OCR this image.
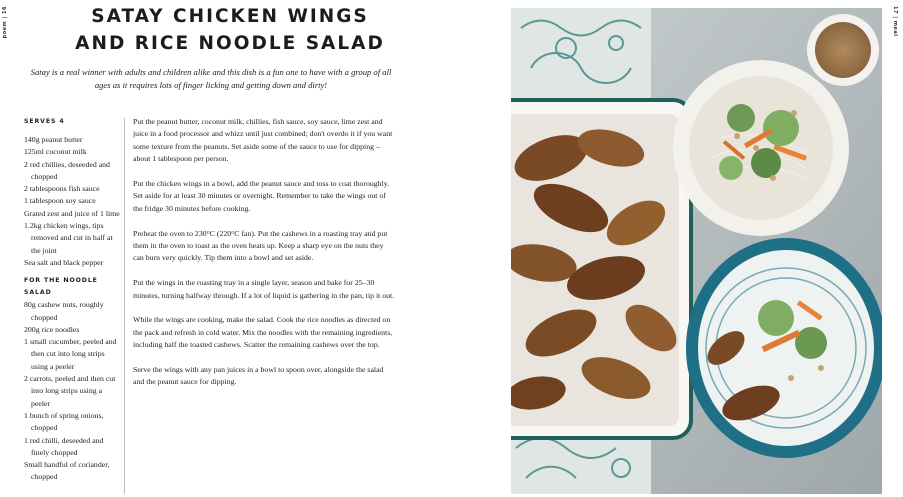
poem | 16	17 | meal
SATAY CHICKEN WINGS
AND RICE NOODLE SALAD
Satay is a real winner with adults and children alike and this dish is a fun one to have with a group of all ages as it requires lots of finger licking and getting down and dirty!
SERVES 4
140g peanut butter
125ml coconut milk
2 red chillies, deseeded and chopped
2 tablespoons fish sauce
1 tablespoon soy sauce
Grated zest and juice of 1 lime
1.2kg chicken wings, tips removed and cut in half at the joint
Sea salt and black pepper
FOR THE NOODLE SALAD
80g cashew nuts, roughly chopped
200g rice noodles
1 small cucumber, peeled and then cut into long strips using a peeler
2 carrots, peeled and then cut into long strips using a peeler
1 bunch of spring onions, chopped
1 red chilli, deseeded and finely chopped
Small handful of coriander, chopped

Put the peanut butter, coconut milk, chillies, fish sauce, soy sauce, lime zest and juice in a food processor and whizz until just combined; don't overdo it if you want some texture from the peanuts. Set aside some of the sauce to use for dipping – about 1 tablespoon per person.

Put the chicken wings in a bowl, add the peanut sauce and toss to coat thoroughly. Set aside for at least 30 minutes or overnight. Remember to take the wings out of the fridge 30 minutes before cooking.

Preheat the oven to 230°C (220°C fan). Put the cashews in a roasting tray and put them in the oven to toast as the oven heats up. Keep a sharp eye on the nuts they can burn very quickly. Tip them into a bowl and set aside.

Put the wings in the roasting tray in a single layer, season and bake for 25–30 minutes, turning halfway through. If a lot of liquid is gathering in the pan, tip it out.

While the wings are cooking, make the salad. Cook the rice noodles as directed on the pack and refresh in cold water. Mix the noodles with the remaining ingredients, including half the toasted cashews. Scatter the remaining cashews over the top.

Serve the wings with any pan juices in a bowl to spoon over, alongside the salad and the peanut sauce for dipping.
